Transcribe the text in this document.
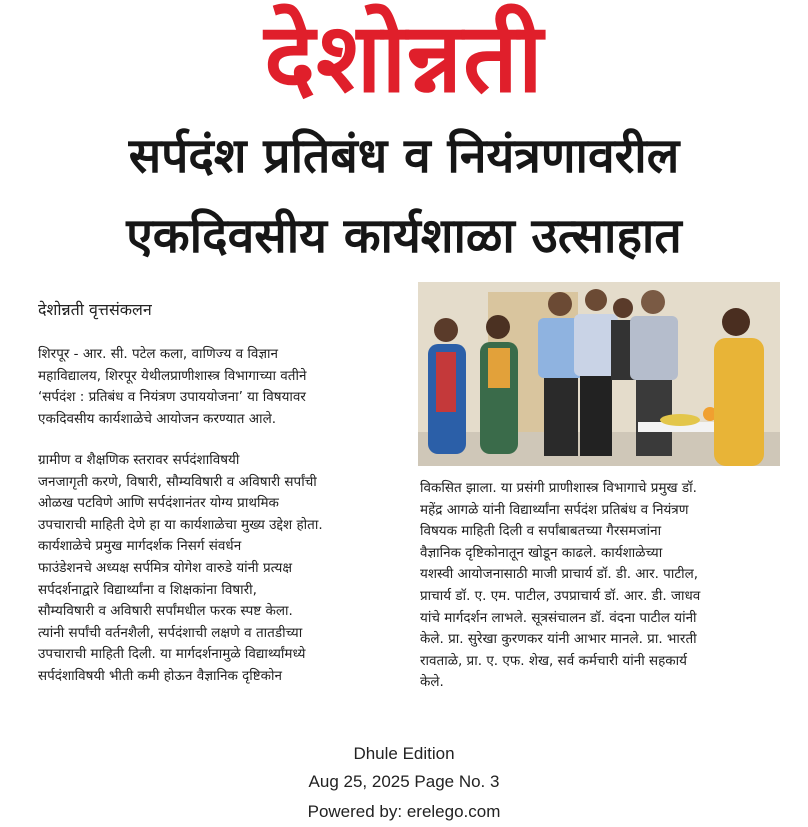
देशोन्नती
सर्पदंश प्रतिबंध व नियंत्रणावरील
एकदिवसीय कार्यशाळा उत्साहात
देशोन्नती वृत्तसंकलन
शिरपूर - आर. सी. पटेल कला, वाणिज्य व विज्ञान
महाविद्यालय, शिरपूर येथीलप्राणीशास्त्र विभागाच्या वतीने
‘सर्पदंश : प्रतिबंध व नियंत्रण उपाययोजना’ या विषयावर
एकदिवसीय कार्यशाळेचे आयोजन करण्यात आले.
ग्रामीण व शैक्षणिक स्तरावर सर्पदंशाविषयी
जनजागृती करणे, विषारी, सौम्यविषारी व अविषारी सर्पांची
ओळख पटविणे आणि सर्पदंशानंतर योग्य प्राथमिक
उपचाराची माहिती देणे हा या कार्यशाळेचा मुख्य उद्देश होता.
कार्यशाळेचे प्रमुख मार्गदर्शक निसर्ग संवर्धन
फाउंडेशनचे अध्यक्ष सर्पमित्र योगेश वारुडे यांनी प्रत्यक्ष
सर्पदर्शनाद्वारे विद्यार्थ्यांना व शिक्षकांना विषारी,
सौम्यविषारी व अविषारी सर्पांमधील फरक स्पष्ट केला.
त्यांनी सर्पांची वर्तनशैली, सर्पदंशाची लक्षणे व तातडीच्या
उपचाराची माहिती दिली. या मार्गदर्शनामुळे विद्यार्थ्यांमध्ये
सर्पदंशाविषयी भीती कमी होऊन वैज्ञानिक दृष्टिकोन
विकसित झाला. या प्रसंगी प्राणीशास्त्र विभागाचे प्रमुख डॉ.
महेंद्र आगळे यांनी विद्यार्थ्यांना सर्पदंश प्रतिबंध व नियंत्रण
विषयक माहिती दिली व सर्पांबाबतच्या गैरसमजांना
वैज्ञानिक दृष्टिकोनातून खोडून काढले. कार्यशाळेच्या
यशस्वी आयोजनासाठी माजी प्राचार्य डॉ. डी. आर. पाटील,
प्राचार्य डॉ. ए. एम. पाटील, उपप्राचार्य डॉ. आर. डी. जाधव
यांचे मार्गदर्शन लाभले. सूत्रसंचालन डॉ. वंदना पाटील यांनी
केले. प्रा. सुरेखा कुरणकर यांनी आभार मानले. प्रा. भारती
रावताळे, प्रा. ए. एफ. शेख, सर्व कर्मचारी यांनी सहकार्य
केले.
Dhule Edition
Aug 25, 2025 Page No. 3
Powered by: erelego.com
